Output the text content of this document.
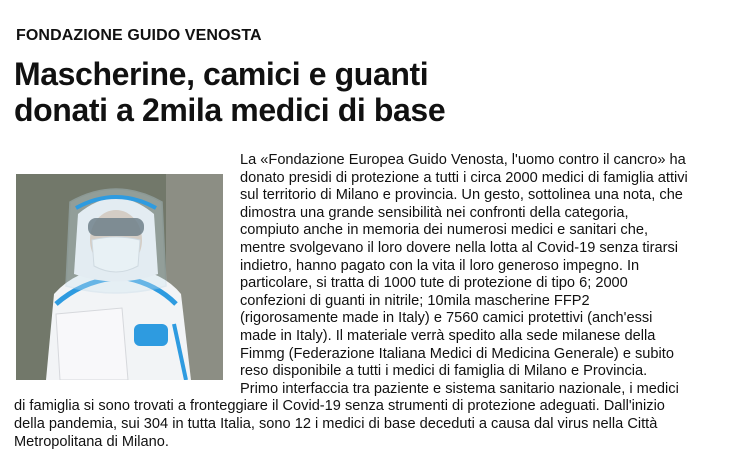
FONDAZIONE GUIDO VENOSTA
Mascherine, camici e guanti
donati a 2mila medici di base
La «Fondazione Europea Guido Venosta, l'uomo contro il cancro» ha
donato presidi di protezione a tutti i circa 2000 medici di famiglia attivi
sul territorio di Milano e provincia. Un gesto, sottolinea una nota, che
dimostra una grande sensibilità nei confronti della categoria,
compiuto anche in memoria dei numerosi medici e sanitari che,
mentre svolgevano il loro dovere nella lotta al Covid-19 senza tirarsi
indietro, hanno pagato con la vita il loro generoso impegno. In
particolare, si tratta di 1000 tute di protezione di tipo 6; 2000
confezioni di guanti in nitrile; 10mila mascherine FFP2
(rigorosamente made in Italy) e 7560 camici protettivi (anch'essi
made in Italy). Il materiale verrà spedito alla sede milanese della
Fimmg (Federazione Italiana Medici di Medicina Generale) e subito
reso disponibile a tutti i medici di famiglia di Milano e Provincia.
Primo interfaccia tra paziente e sistema sanitario nazionale, i medici
di famiglia si sono trovati a fronteggiare il Covid-19 senza strumenti di protezione adeguati. Dall'inizio
della pandemia, sui 304 in tutta Italia, sono 12 i medici di base deceduti a causa dal virus nella Città
Metropolitana di Milano.
